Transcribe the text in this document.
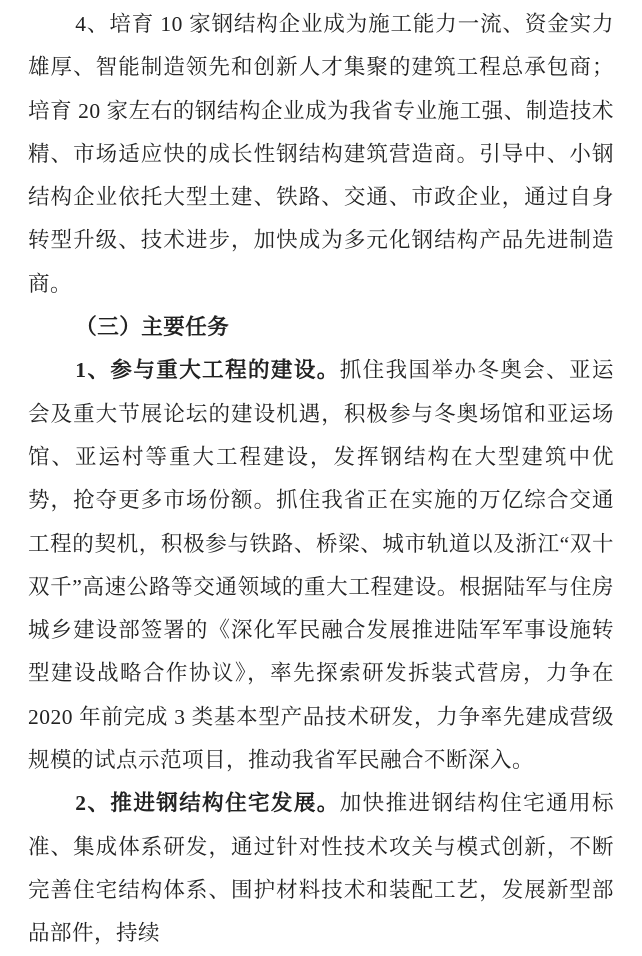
4、培育 10 家钢结构企业成为施工能力一流、资金实力雄厚、智能制造领先和创新人才集聚的建筑工程总承包商；培育 20 家左右的钢结构企业成为我省专业施工强、制造技术精、市场适应快的成长性钢结构建筑营造商。引导中、小钢结构企业依托大型土建、铁路、交通、市政企业，通过自身转型升级、技术进步，加快成为多元化钢结构产品先进制造商。

（三）主要任务

1、参与重大工程的建设。抓住我国举办冬奥会、亚运会及重大节展论坛的建设机遇，积极参与冬奥场馆和亚运场馆、亚运村等重大工程建设，发挥钢结构在大型建筑中优势，抢夺更多市场份额。抓住我省正在实施的万亿综合交通工程的契机，积极参与铁路、桥梁、城市轨道以及浙江“双十双千”高速公路等交通领域的重大工程建设。根据陆军与住房城乡建设部签署的《深化军民融合发展推进陆军军事设施转型建设战略合作协议》，率先探索研发拆装式营房，力争在 2020 年前完成 3 类基本型产品技术研发，力争率先建成营级规模的试点示范项目，推动我省军民融合不断深入。

2、推进钢结构住宅发展。加快推进钢结构住宅通用标准、集成体系研发，通过针对性技术攻关与模式创新，不断完善住宅结构体系、围护材料技术和装配工艺，发展新型部品部件，持续
